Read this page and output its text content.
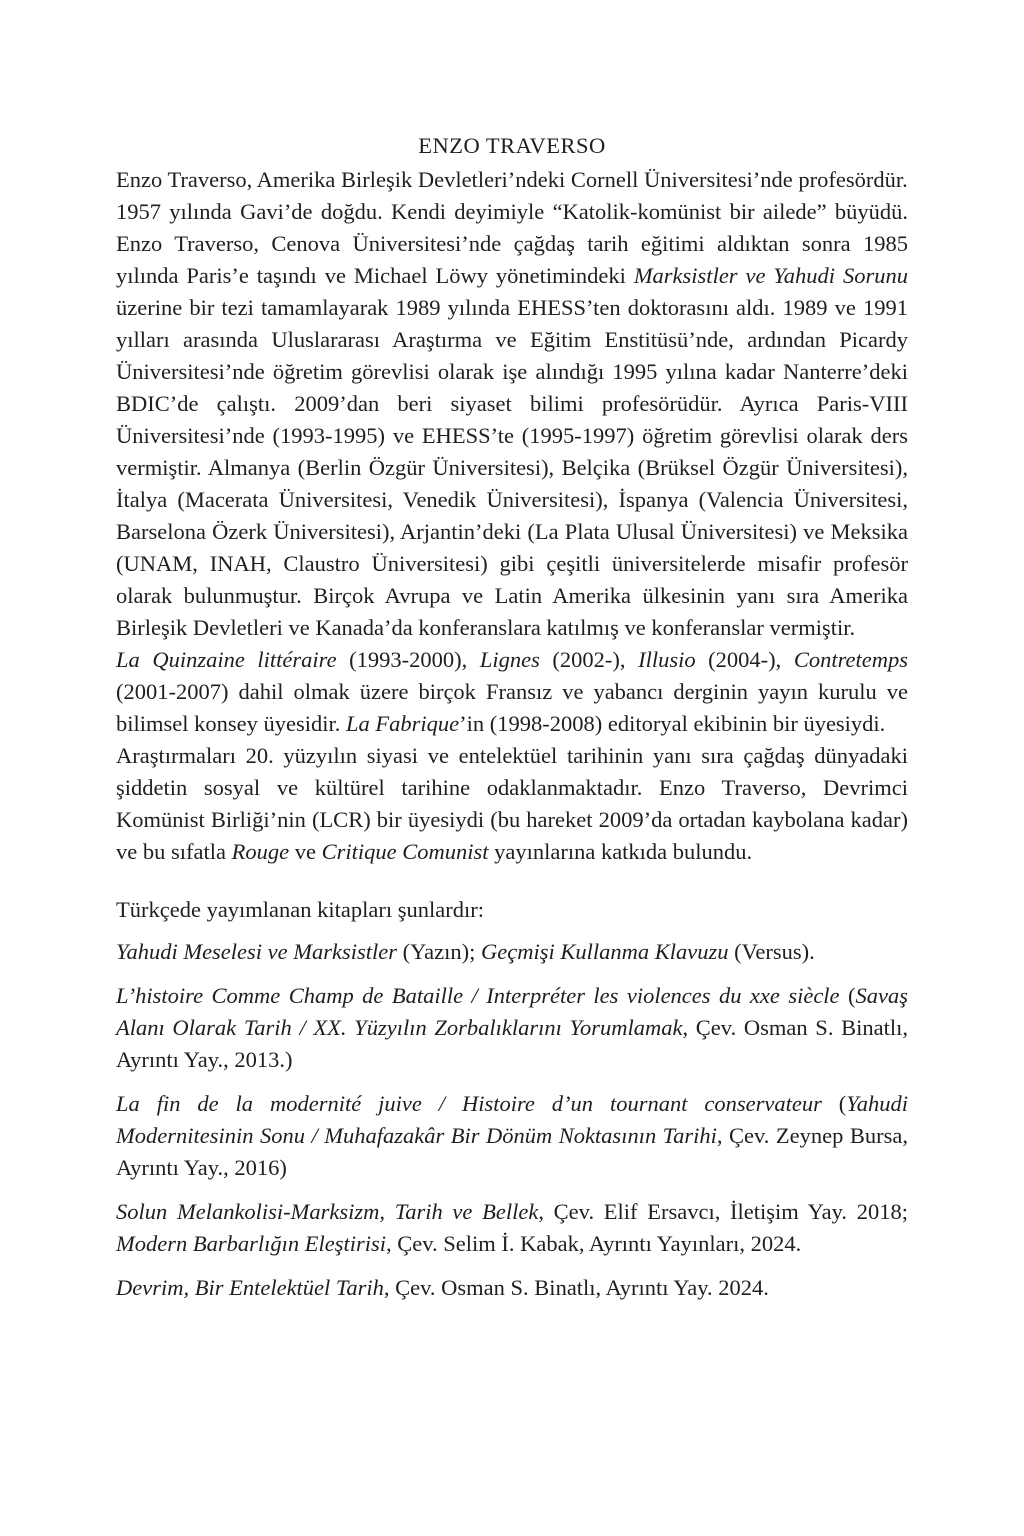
ENZO TRAVERSO

Enzo Traverso, Amerika Birleşik Devletleri’ndeki Cornell Üniversitesi’nde profesördür.

1957 yılında Gavi’de doğdu. Kendi deyimiyle “Katolik-komünist bir ailede” büyüdü. Enzo Traverso, Cenova Üniversitesi’nde çağdaş tarih eğitimi aldıktan sonra 1985 yılında Paris’e taşındı ve Michael Löwy yönetimindeki Marksistler ve Yahudi Sorunu üzerine bir tezi tamamlayarak 1989 yılında EHESS’ten doktorasını aldı. 1989 ve 1991 yılları arasında Uluslararası Araştırma ve Eğitim Enstitüsü’nde, ardından Picardy Üniversitesi’nde öğretim görevlisi olarak işe alındığı 1995 yılına kadar Nanterre’deki BDIC’de çalıştı. 2009’dan beri siyaset bilimi profesörüdür. Ayrıca Paris-VIII Üniversitesi’nde (1993-1995) ve EHESS’te (1995-1997) öğretim görevlisi olarak ders vermiştir. Almanya (Berlin Özgür Üniversitesi), Belçika (Brüksel Özgür Üniversitesi), İtalya (Macerata Üniversitesi, Venedik Üniversitesi), İspanya (Valencia Üniversitesi, Barselona Özerk Üniversitesi), Arjantin’deki (La Plata Ulusal Üniversitesi) ve Meksika (UNAM, INAH, Claustro Üniversitesi) gibi çeşitli üniversitelerde misafir profesör olarak bulunmuştur. Birçok Avrupa ve Latin Amerika ülkesinin yanı sıra Amerika Birleşik Devletleri ve Kanada’da konferanslara katılmış ve konferanslar vermiştir.

La Quinzaine littéraire (1993-2000), Lignes (2002-), Illusio (2004-), Contretemps (2001-2007) dahil olmak üzere birçok Fransız ve yabancı derginin yayın kurulu ve bilimsel konsey üyesidir. La Fabrique’in (1998-2008) editoryal ekibinin bir üyesiydi.

Araştırmaları 20. yüzyılın siyasi ve entelektüel tarihinin yanı sıra çağdaş dünyadaki şiddetin sosyal ve kültürel tarihine odaklanmaktadır. Enzo Traverso, Devrimci Komünist Birliği’nin (LCR) bir üyesiydi (bu hareket 2009’da ortadan kaybolana kadar) ve bu sıfatla Rouge ve Critique Comunist yayınlarına katkıda bulundu.

Türkçede yayımlanan kitapları şunlardır:

Yahudi Meselesi ve Marksistler (Yazın); Geçmişi Kullanma Klavuzu (Versus).

L’histoire Comme Champ de Bataille / Interpréter les violences du xxe siècle (Savaş Alanı Olarak Tarih / XX. Yüzyılın Zorbalıklarını Yorumlamak, Çev. Osman S. Binatlı, Ayrıntı Yay., 2013.)

La fin de la modernité juive / Histoire d’un tournant conservateur (Yahudi Modernitesinin Sonu / Muhafazakâr Bir Dönüm Noktasının Tarihi, Çev. Zeynep Bursa, Ayrıntı Yay., 2016)

Solun Melankolisi-Marksizm, Tarih ve Bellek, Çev. Elif Ersavcı, İletişim Yay. 2018; Modern Barbarlığın Eleştirisi, Çev. Selim İ. Kabak, Ayrıntı Yayınları, 2024.

Devrim, Bir Entelektüel Tarih, Çev. Osman S. Binatlı, Ayrıntı Yay. 2024.
